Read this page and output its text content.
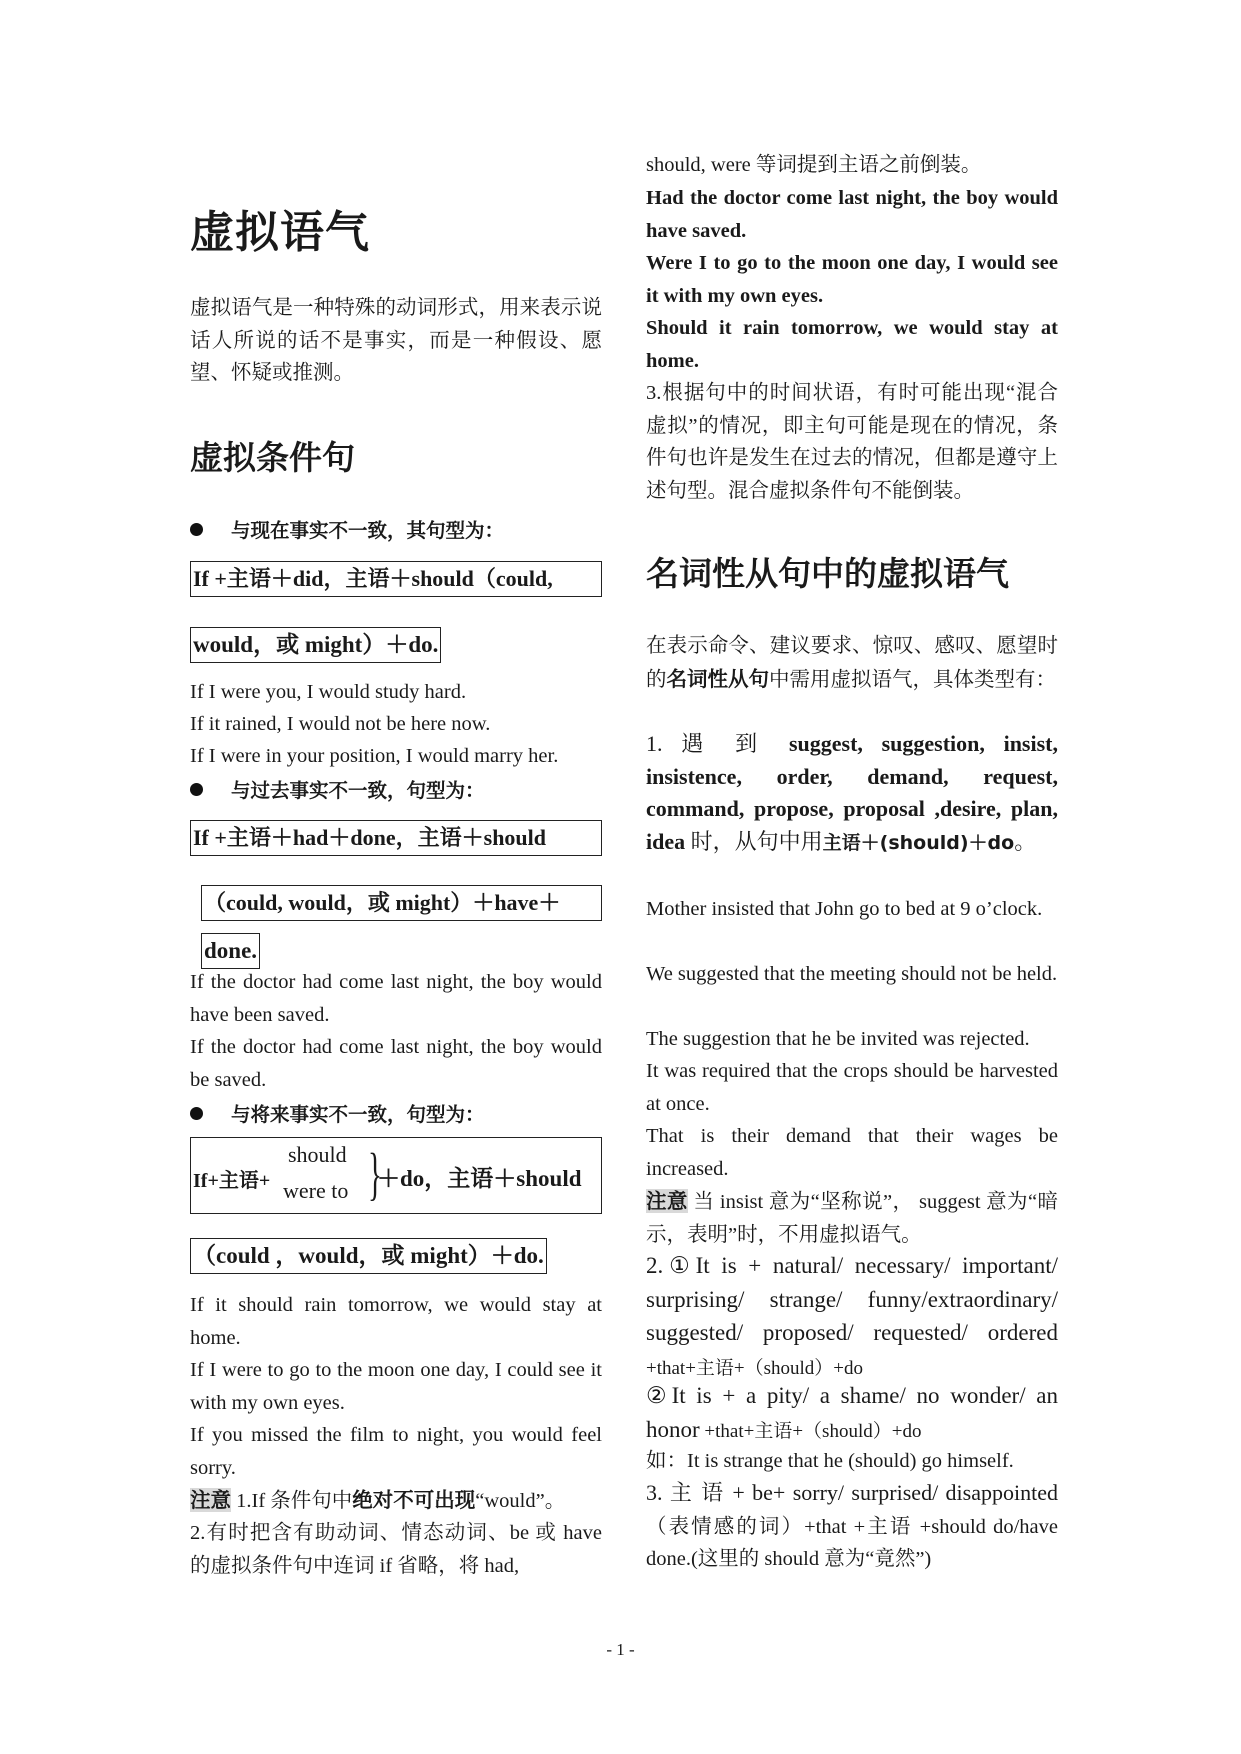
虚拟语气

虚拟语气是一种特殊的动词形式，用来表示说话人所说的话不是事实，而是一种假设、愿望、怀疑或推测。

虚拟条件句
与现在事实不一致，其句型为：
If +主语＋did，主语＋should（could,
would，或 might）＋do.

If I were you, I would study hard.

If it rained, I would not be here now.

If I were in your position, I would marry her.

与过去事实不一致，句型为：
If +主语＋had＋done，主语＋should
（could, would，或 might）＋have＋
done.

If the doctor had come last night, the boy would have been saved.

If the doctor had come last night, the boy would be saved.

与将来事实不一致，句型为：
If+主语+
should
were to }
＋do，主语＋should
（could ，would，或 might）＋do.

If it should rain tomorrow, we would stay at home.

If I were to go to the moon one day, I could see it with my own eyes.

If you missed the film to night, you would feel sorry.

注意 1.If 条件句中绝对不可出现“would”。

2.有时把含有助动词、情态动词、be 或 have 的虚拟条件句中连词 if 省略，将 had,

should, were 等词提到主语之前倒装。

Had the doctor come last night, the boy would have saved.

Were I to go to the moon one day, I would see it with my own eyes.

Should it rain tomorrow, we would stay at home.

3.根据句中的时间状语，有时可能出现“混合虚拟”的情况，即主句可能是现在的情况，条件句也许是发生在过去的情况，但都是遵守上述句型。混合虚拟条件句不能倒装。

名词性从句中的虚拟语气

在表示命令、建议要求、惊叹、感叹、愿望时的名词性从句中需用虚拟语气，具体类型有：

1. 遇 到 suggest, suggestion, insist, insistence, order, demand, request, command, propose, proposal ,desire, plan, idea 时，从句中用主语＋(should)＋do。

Mother insisted that John go to bed at 9 o’clock.

We suggested that the meeting should not be held.

The suggestion that he be invited was rejected.

It was required that the crops should be harvested at once.

That is their demand that their wages be increased.

注意 当 insist 意为“坚称说”， suggest 意为“暗示，表明”时，不用虚拟语气。

2.①It is + natural/ necessary/ important/ surprising/ strange/ funny/extraordinary/ suggested/ proposed/ requested/ ordered +that+主语+（should）+do

②It is + a pity/ a shame/ no wonder/ an honor +that+主语+（should）+do

如：It is strange that he (should) go himself.

3. 主 语 + be+ sorry/ surprised/ disappointed（表情感的词）+that +主语 +should do/have done.(这里的 should 意为“竟然”)

- 1 -
